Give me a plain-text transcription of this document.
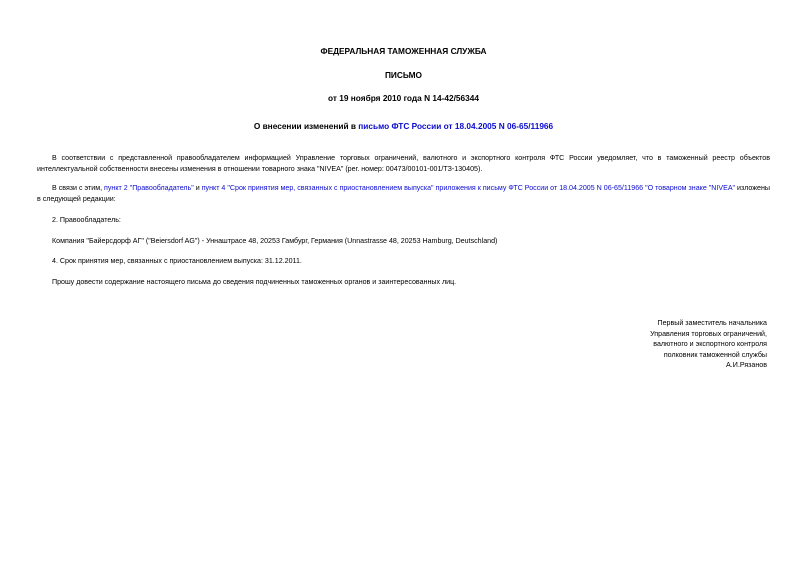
ФЕДЕРАЛЬНАЯ ТАМОЖЕННАЯ СЛУЖБА
ПИСЬМО
от 19 ноября 2010 года N 14-42/56344
О внесении изменений в письмо ФТС России от 18.04.2005 N 06-65/11966
В соответствии с представленной правообладателем информацией Управление торговых ограничений, валютного и экспортного контроля ФТС России уведомляет, что в таможенный реестр объектов интеллектуальной собственности внесены изменения в отношении товарного знака "NIVEA" (рег. номер: 00473/00101-001/ТЗ-130405).
В связи с этим, пункт 2 "Правообладатель" и пункт 4 "Срок принятия мер, связанных с приостановлением выпуска" приложения к письму ФТС России от 18.04.2005 N 06-65/11966 "О товарном знаке "NIVEA" изложены в следующей редакции:
2. Правообладатель:
Компания "Байерсдорф АГ" ("Beiersdorf AG") - Уннаштрасе 48, 20253 Гамбург, Германия (Unnastrasse 48, 20253 Hamburg, Deutschland)
4. Срок принятия мер, связанных с приостановлением выпуска: 31.12.2011.
Прошу довести содержание настоящего письма до сведения подчиненных таможенных органов и заинтересованных лиц.
Первый заместитель начальника
Управления торговых ограничений,
валютного и экспортного контроля
полковник таможенной службы
А.И.Рязанов
